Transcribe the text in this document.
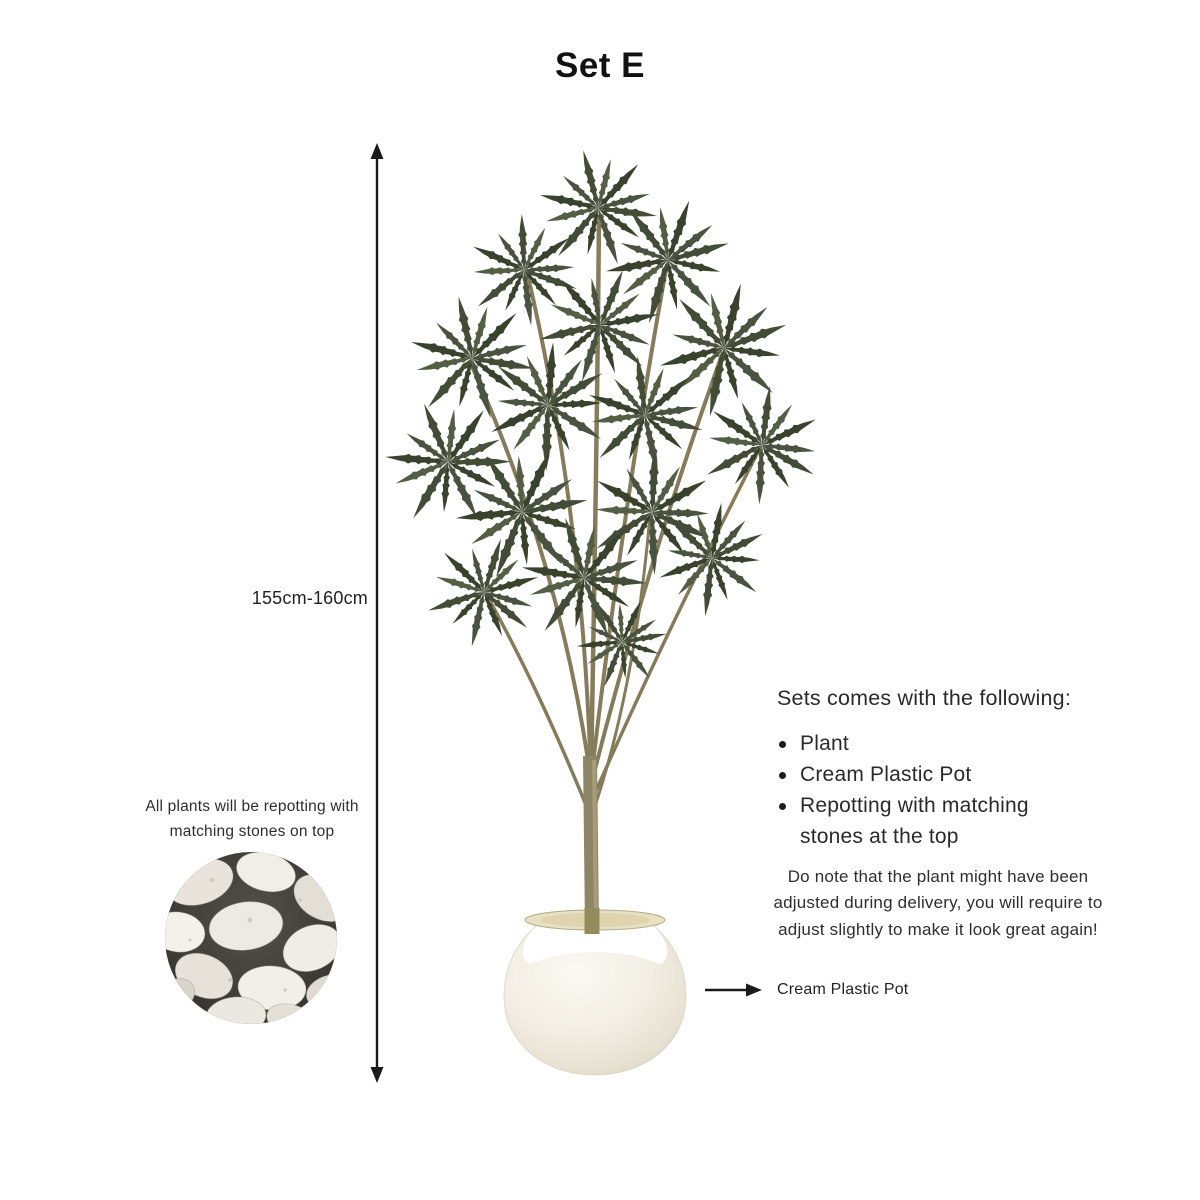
Set E
155cm-160cm
All plants will be repotting with matching stones on top
Sets comes with the following:
Plant
Cream Plastic Pot
Repotting with matching stones at the top
Do note that the plant might have been adjusted during delivery, you will require to adjust slightly to make it look great again!
Cream Plastic Pot
